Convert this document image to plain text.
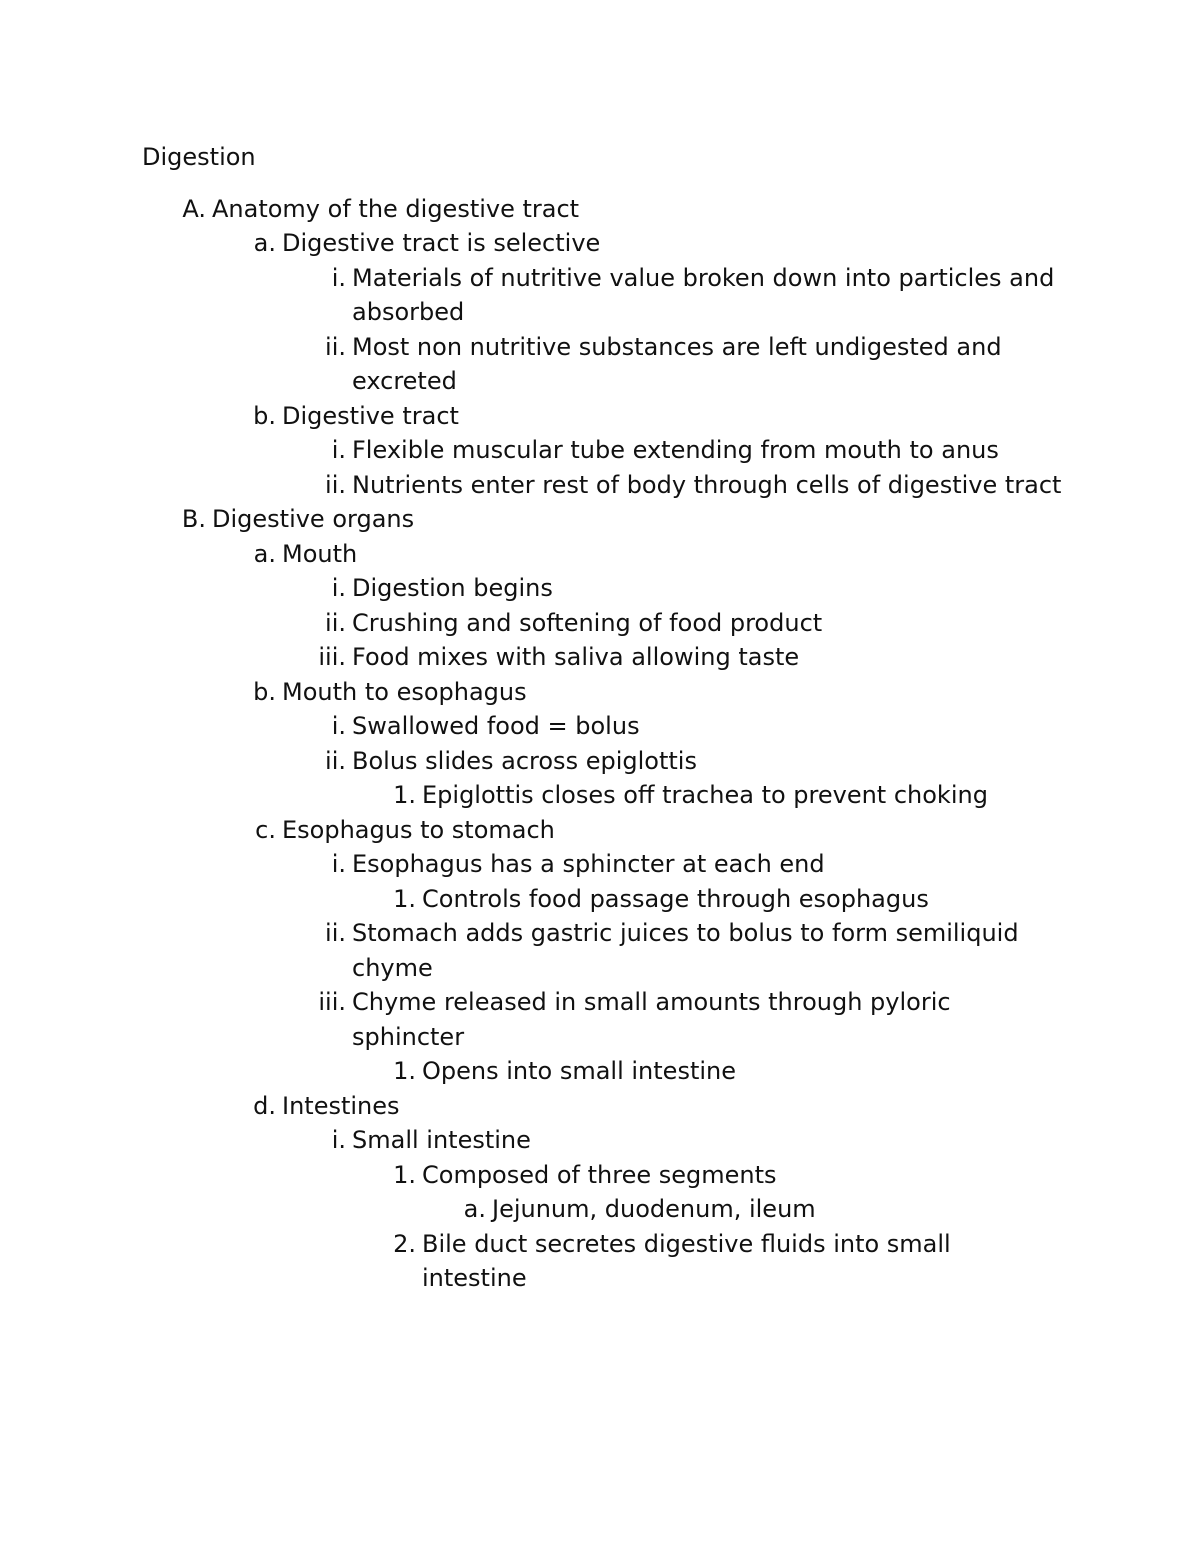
Digestion
A. Anatomy of the digestive tract
a. Digestive tract is selective
i. Materials of nutritive value broken down into particles and absorbed
ii. Most non nutritive substances are left undigested and excreted
b. Digestive tract
i. Flexible muscular tube extending from mouth to anus
ii. Nutrients enter rest of body through cells of digestive tract
B. Digestive organs
a. Mouth
i. Digestion begins
ii. Crushing and softening of food product
iii. Food mixes with saliva allowing taste
b. Mouth to esophagus
i. Swallowed food = bolus
ii. Bolus slides across epiglottis
1. Epiglottis closes off trachea to prevent choking
c. Esophagus to stomach
i. Esophagus has a sphincter at each end
1. Controls food passage through esophagus
ii. Stomach adds gastric juices to bolus to form semiliquid chyme
iii. Chyme released in small amounts through pyloric sphincter
1. Opens into small intestine
d. Intestines
i. Small intestine
1. Composed of three segments
a. Jejunum, duodenum, ileum
2. Bile duct secretes digestive fluids into small intestine
